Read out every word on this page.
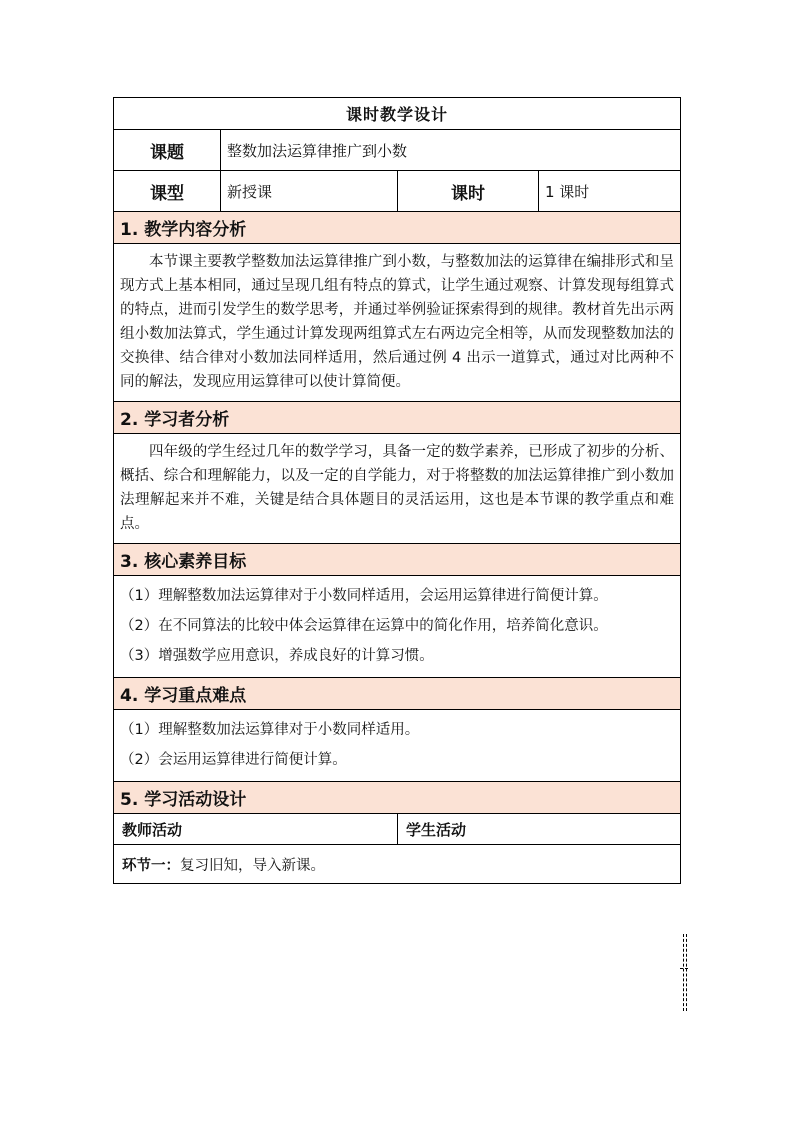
课时教学设计			
课题	整数加法运算律推广到小数		
课型	新授课	课时	1 课时
1. 教学内容分析			
本节课主要教学整数加法运算律推广到小数，与整数加法的运算律在编排形式和呈现方式上基本相同，通过呈现几组有特点的算式，让学生通过观察、计算发现每组算式的特点，进而引发学生的数学思考，并通过举例验证探索得到的规律。教材首先出示两组小数加法算式，学生通过计算发现两组算式左右两边完全相等，从而发现整数加法的交换律、结合律对小数加法同样适用，然后通过例 4 出示一道算式，通过对比两种不同的解法，发现应用运算律可以使计算简便。			
2. 学习者分析			
四年级的学生经过几年的数学学习，具备一定的数学素养，已形成了初步的分析、概括、综合和理解能力，以及一定的自学能力，对于将整数的加法运算律推广到小数加法理解起来并不难，关键是结合具体题目的灵活运用，这也是本节课的教学重点和难点。			
3. 核心素养目标			

（1）理解整数加法运算律对于小数同样适用，会运用运算律进行简便计算。

（2）在不同算法的比较中体会运算律在运算中的简化作用，培养简化意识。

（3）增强数学应用意识，养成良好的计算习惯。			

4. 学习重点难点			

（1）理解整数加法运算律对于小数同样适用。

（2）会运用运算律进行简便计算。			

5. 学习活动设计			
教师活动		学生活动	
环节一：复习旧知，导入新课。			
